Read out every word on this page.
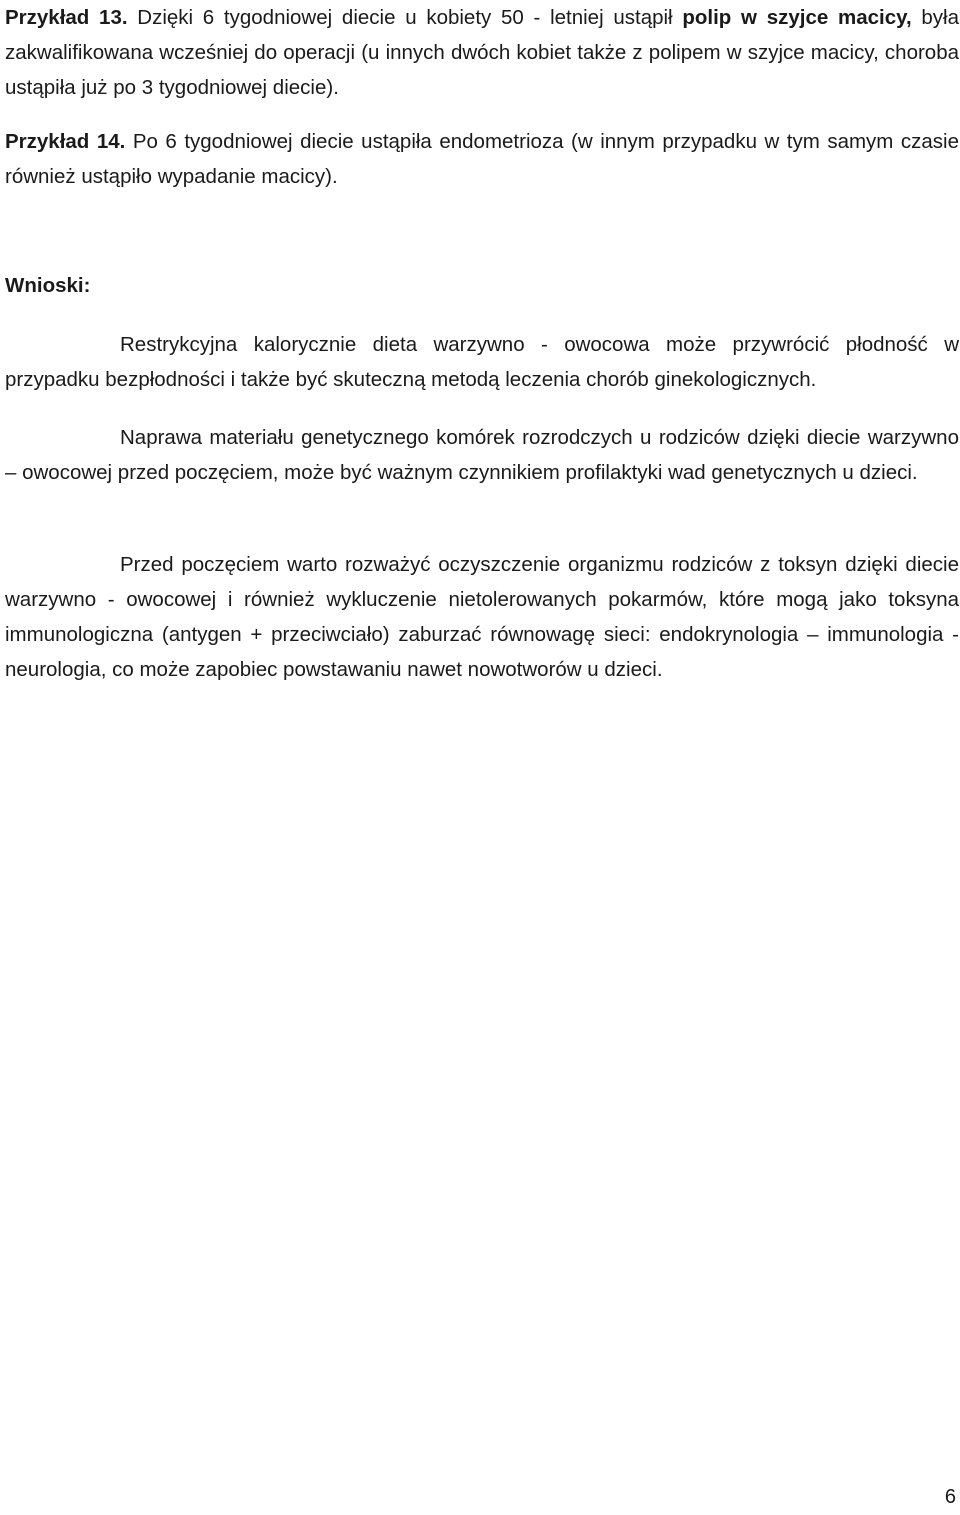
Przykład 13. Dzięki 6 tygodniowej diecie u kobiety 50 - letniej ustąpił polip w szyjce macicy, była zakwalifikowana wcześniej do operacji (u innych dwóch kobiet także z polipem w szyjce macicy, choroba ustąpiła już po 3 tygodniowej diecie).

Przykład 14. Po 6 tygodniowej diecie ustąpiła endometrioza (w innym przypadku w tym samym czasie również ustąpiło wypadanie macicy).

Wnioski:

Restrykcyjna kalorycznie dieta warzywno - owocowa może przywrócić płodność w przypadku bezpłodności i także być skuteczną metodą leczenia chorób ginekologicznych.

Naprawa materiału genetycznego komórek rozrodczych u rodziców dzięki diecie warzywno – owocowej przed poczęciem, może być ważnym czynnikiem profilaktyki wad genetycznych u dzieci.

Przed poczęciem warto rozważyć oczyszczenie organizmu rodziców z toksyn dzięki diecie warzywno - owocowej i również wykluczenie nietolerowanych pokarmów, które mogą jako toksyna immunologiczna (antygen + przeciwciało) zaburzać równowagę sieci: endokrynologia – immunologia - neurologia, co może zapobiec powstawaniu nawet nowotworów u dzieci.

6
